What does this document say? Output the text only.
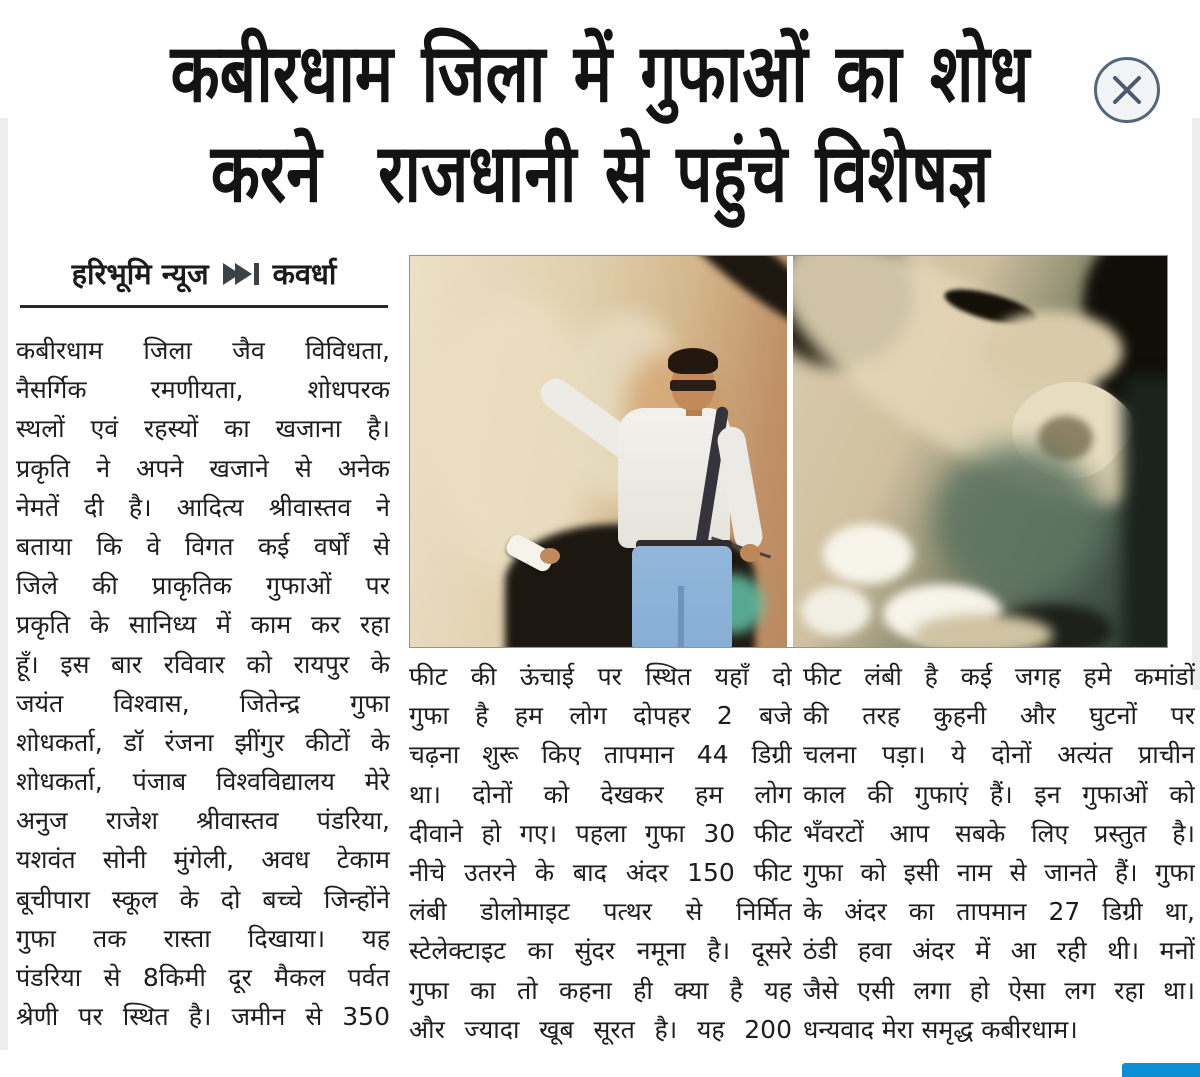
कबीरधाम जिला में गुफाओं का शोध
करने  राजधानी से पहुंचे विशेषज्ञ
हरिभूमि न्यूज कवर्धा
कबीरधाम जिला जैव विविधता,
नैसर्गिक रमणीयता, शोधपरक
स्थलों एवं रहस्यों का खजाना है।
प्रकृति ने अपने खजाने से अनेक
नेमतें दी है। आदित्य श्रीवास्तव ने
बताया कि वे विगत कई वर्षों से
जिले की प्राकृतिक गुफाओं पर
प्रकृति के सानिध्य में काम कर रहा
हूँ। इस बार रविवार को रायपुर के
जयंत विश्वास, जितेन्द्र गुफा
शोधकर्ता, डॉ रंजना झींगुर कीटों के
शोधकर्ता, पंजाब विश्वविद्यालय मेरे
अनुज राजेश श्रीवास्तव पंडरिया,
यशवंत सोनी मुंगेली, अवध टेकाम
बूचीपारा स्कूल के दो बच्चे जिन्होंने
गुफा तक रास्ता दिखाया। यह
पंडरिया से 8किमी दूर मैकल पर्वत
श्रेणी पर स्थित है। जमीन से 350
फीट की ऊंचाई पर स्थित यहाँ दो
गुफा है हम लोग दोपहर 2 बजे
चढ़ना शुरू किए तापमान 44 डिग्री
था। दोनों को देखकर हम लोग
दीवाने हो गए। पहला गुफा 30 फीट
नीचे उतरने के बाद अंदर 150 फीट
लंबी डोलोमाइट पत्थर से निर्मित
स्टेलेक्टाइट का सुंदर नमूना है। दूसरे
गुफा का तो कहना ही क्या है यह
और ज्यादा खूब सूरत है। यह 200
फीट लंबी है कई जगह हमे कमांडों
की तरह कुहनी और घुटनों पर
चलना पड़ा। ये दोनों अत्यंत प्राचीन
काल की गुफाएं हैं। इन गुफाओं को
भँवरटों आप सबके लिए प्रस्तुत है।
गुफा को इसी नाम से जानते हैं। गुफा
के अंदर का तापमान 27 डिग्री था,
ठंडी हवा अंदर में आ रही थी। मनों
जैसे एसी लगा हो ऐसा लग रहा था।
धन्यवाद मेरा समृद्ध कबीरधाम।
